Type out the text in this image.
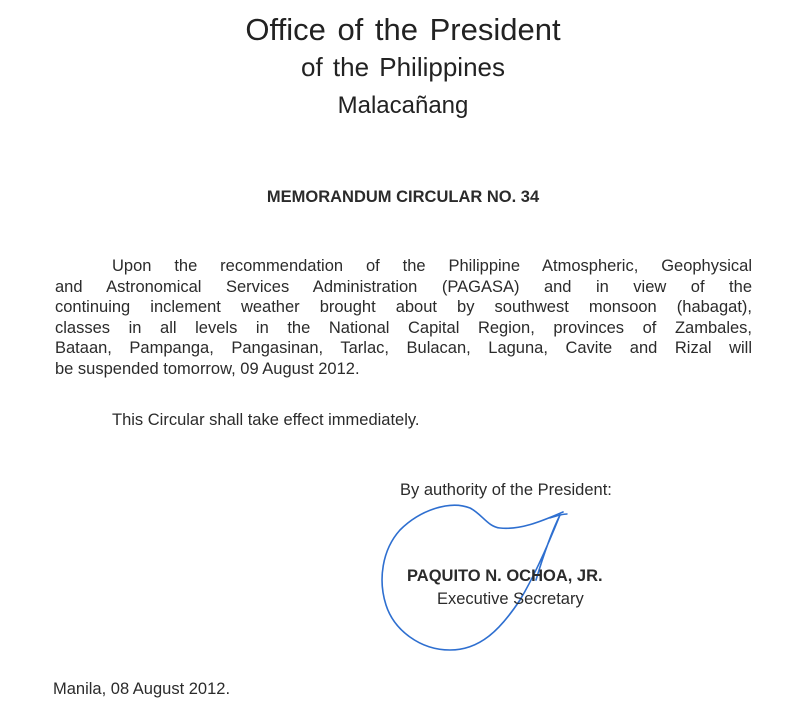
Office of the President
of the Philippines
Malacañang
MEMORANDUM CIRCULAR NO. 34
Upon the recommendation of the Philippine Atmospheric, Geophysical
and Astronomical Services Administration (PAGASA) and in view of the
continuing inclement weather brought about by southwest monsoon (habagat),
classes in all levels in the National Capital Region, provinces of Zambales,
Bataan, Pampanga, Pangasinan, Tarlac, Bulacan, Laguna, Cavite and Rizal will
be suspended tomorrow, 09 August 2012.
This Circular shall take effect immediately.
By authority of the President:
PAQUITO N. OCHOA, JR.
Executive Secretary
Manila, 08 August 2012.
